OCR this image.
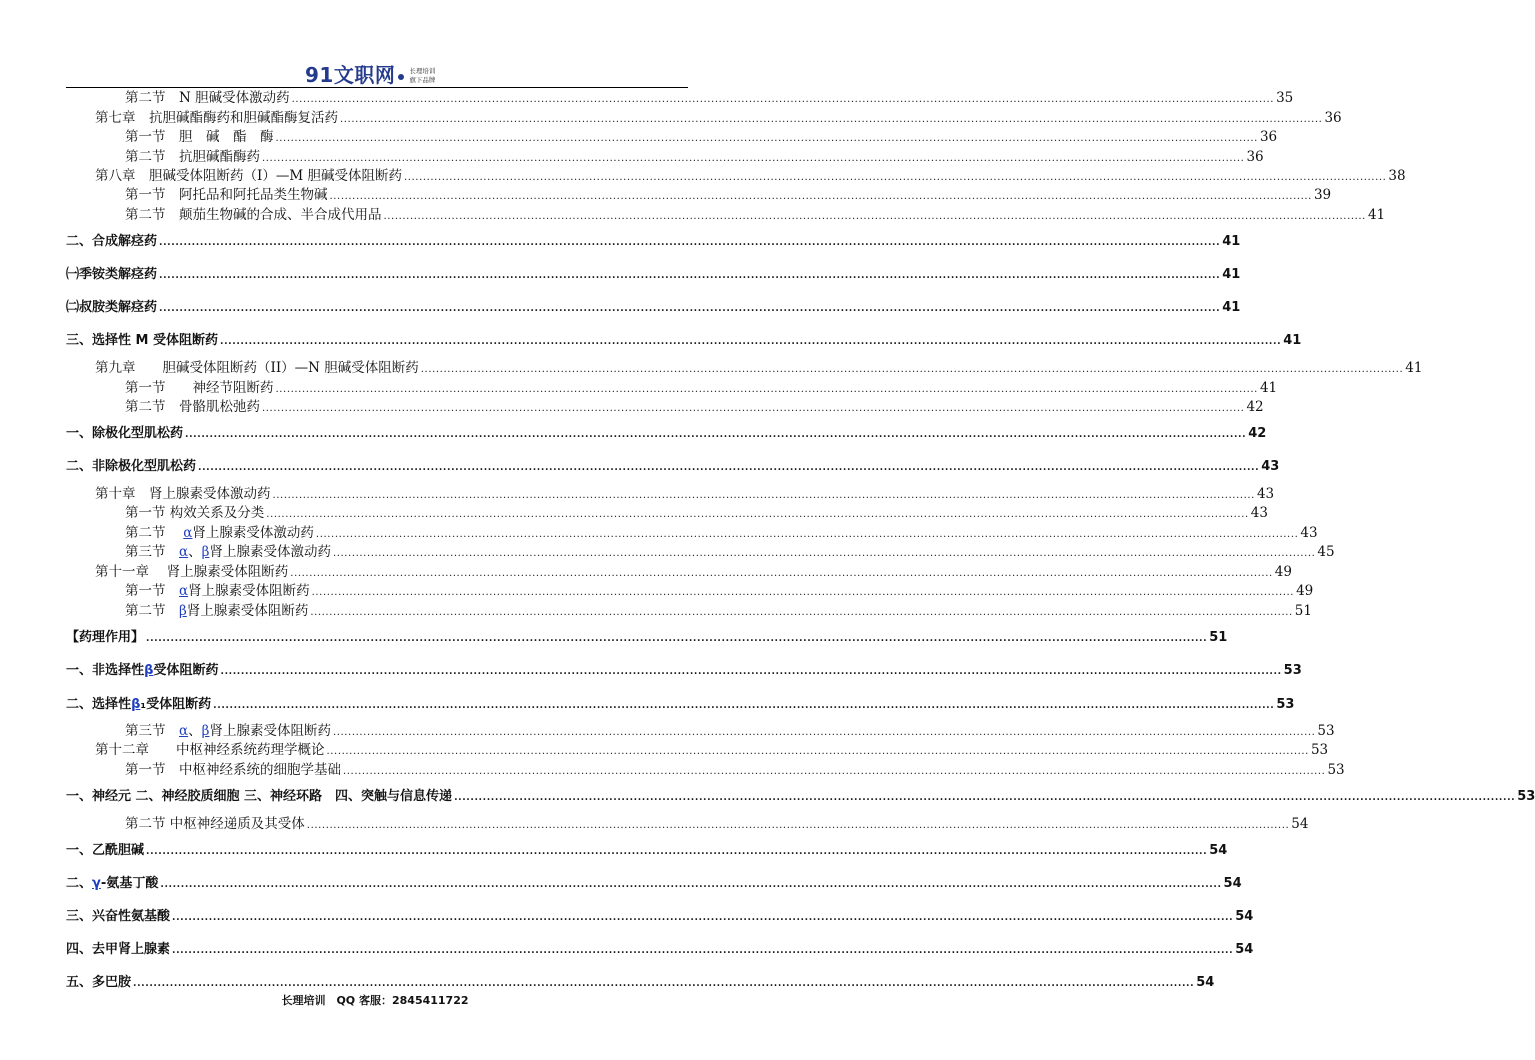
91文职网 长理培训
旗下品牌
第二节　N 胆碱受体激动药 .................................................................................................................................................................................................................................................................... 35
第七章　抗胆碱酯酶药和胆碱酯酶复活药 .................................................................................................................................................................................................................................................................... 36
第一节　胆　碱　酯　酶 .................................................................................................................................................................................................................................................................... 36
第二节　抗胆碱酯酶药 .................................................................................................................................................................................................................................................................... 36
第八章　胆碱受体阻断药（Ⅰ）—M 胆碱受体阻断药 .................................................................................................................................................................................................................................................................... 38
第一节　阿托品和阿托品类生物碱 .................................................................................................................................................................................................................................................................... 39
第二节　颠茄生物碱的合成、半合成代用品 .................................................................................................................................................................................................................................................................... 41
二、合成解痉药 .................................................................................................................................................................................................................................................................... 41
㈠季铵类解痉药 .................................................................................................................................................................................................................................................................... 41
㈡叔胺类解痉药 .................................................................................................................................................................................................................................................................... 41
三、选择性 M 受体阻断药 .................................................................................................................................................................................................................................................................... 41
第九章　　胆碱受体阻断药（II）—N 胆碱受体阻断药 .................................................................................................................................................................................................................................................................... 41
第一节　　神经节阻断药 .................................................................................................................................................................................................................................................................... 41
第二节　骨骼肌松弛药 .................................................................................................................................................................................................................................................................... 42
一、除极化型肌松药 .................................................................................................................................................................................................................................................................... 42
二、非除极化型肌松药 .................................................................................................................................................................................................................................................................... 43
第十章　肾上腺素受体激动药 .................................................................................................................................................................................................................................................................... 43
第一节 构效关系及分类 .................................................................................................................................................................................................................................................................... 43
第二节　 α肾上腺素受体激动药 .................................................................................................................................................................................................................................................................... 43
第三节　 α、β肾上腺素受体激动药 .................................................................................................................................................................................................................................................................... 45
第十一章　 肾上腺素受体阻断药 .................................................................................................................................................................................................................................................................... 49
第一节　 α肾上腺素受体阻断药 .................................................................................................................................................................................................................................................................... 49
第二节　 β肾上腺素受体阻断药 .................................................................................................................................................................................................................................................................... 51
【药理作用】 .................................................................................................................................................................................................................................................................... 51
一、非选择性β受体阻断药 .................................................................................................................................................................................................................................................................... 53
二、选择性β₁受体阻断药 .................................................................................................................................................................................................................................................................... 53
第三节　 α、β肾上腺素受体阻断药 .................................................................................................................................................................................................................................................................... 53
第十二章　　中枢神经系统药理学概论 .................................................................................................................................................................................................................................................................... 53
第一节　中枢神经系统的细胞学基础 .................................................................................................................................................................................................................................................................... 53
一、神经元 二、神经胶质细胞 三、神经环路　四、突触与信息传递 .................................................................................................................................................................................................................................................................... 53
第二节 中枢神经递质及其受体 .................................................................................................................................................................................................................................................................... 54
一、乙酰胆碱 .................................................................................................................................................................................................................................................................... 54
二、γ-氨基丁酸 .................................................................................................................................................................................................................................................................... 54
三、兴奋性氨基酸 .................................................................................................................................................................................................................................................................... 54
四、去甲肾上腺素 .................................................................................................................................................................................................................................................................... 54
五、多巴胺 .................................................................................................................................................................................................................................................................... 54
长理培训　QQ 客服：2845411722
